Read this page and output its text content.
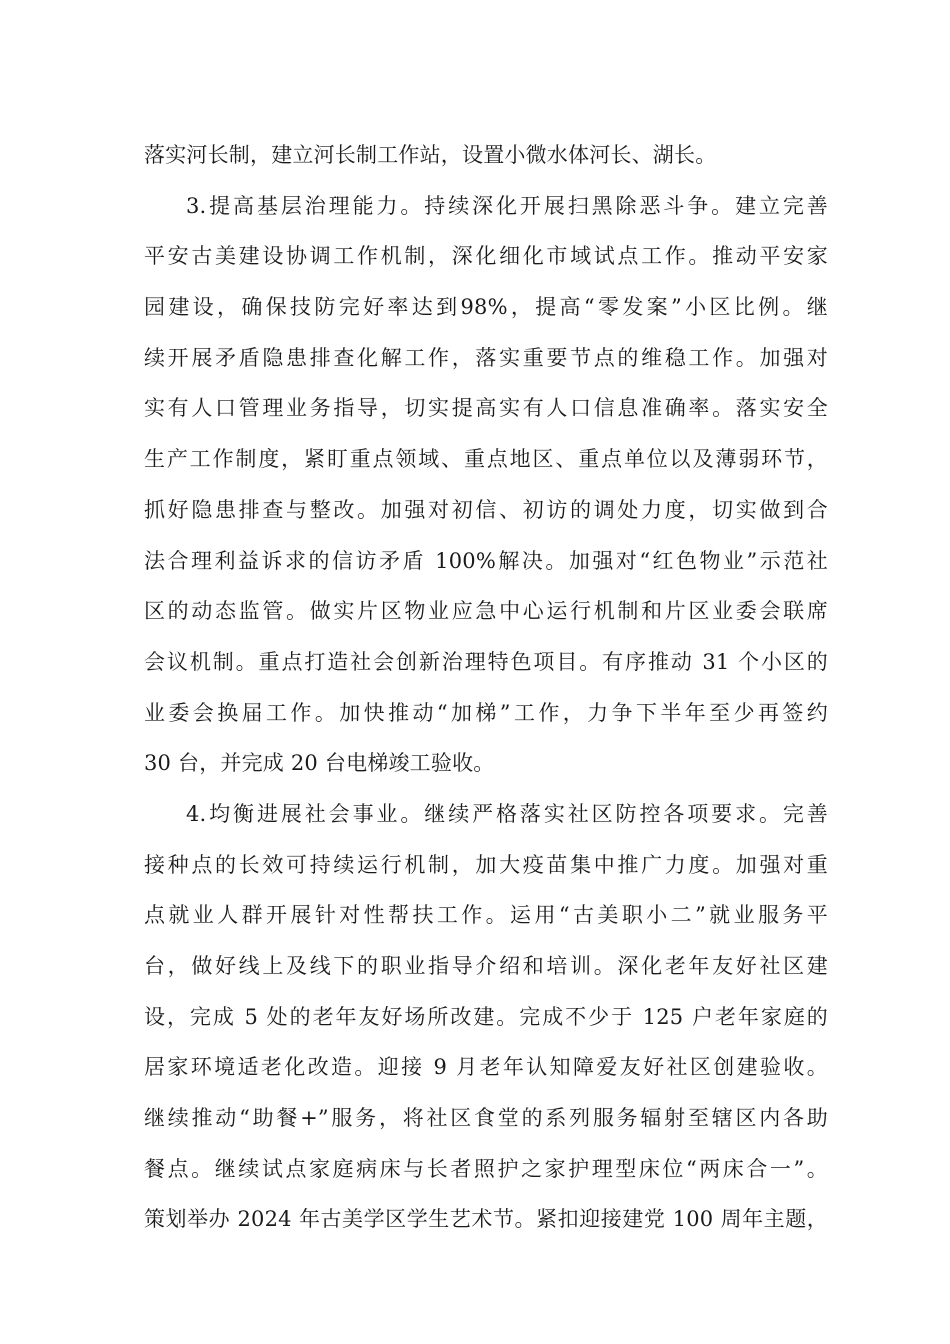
落实河长制，建立河长制工作站，设置小微水体河长、湖长。
3.提高基层治理能力。持续深化开展扫黑除恶斗争。建立完善
平安古美建设协调工作机制，深化细化市域试点工作。推动平安家
园建设，确保技防完好率达到98%，提高“零发案”小区比例。继
续开展矛盾隐患排查化解工作，落实重要节点的维稳工作。加强对
实有人口管理业务指导，切实提高实有人口信息准确率。落实安全
生产工作制度，紧盯重点领域、重点地区、重点单位以及薄弱环节，
抓好隐患排查与整改。加强对初信、初访的调处力度，切实做到合
法合理利益诉求的信访矛盾 100%解决。加强对“红色物业”示范社
区的动态监管。做实片区物业应急中心运行机制和片区业委会联席
会议机制。重点打造社会创新治理特色项目。有序推动 31 个小区的
业委会换届工作。加快推动“加梯”工作，力争下半年至少再签约
30 台，并完成 20 台电梯竣工验收。
4.均衡进展社会事业。继续严格落实社区防控各项要求。完善
接种点的长效可持续运行机制，加大疫苗集中推广力度。加强对重
点就业人群开展针对性帮扶工作。运用“古美职小二”就业服务平
台，做好线上及线下的职业指导介绍和培训。深化老年友好社区建
设，完成 5 处的老年友好场所改建。完成不少于 125 户老年家庭的
居家环境适老化改造。迎接 9 月老年认知障爱友好社区创建验收。
继续推动“助餐+”服务，将社区食堂的系列服务辐射至辖区内各助
餐点。继续试点家庭病床与长者照护之家护理型床位“两床合一”。
策划举办 2024 年古美学区学生艺术节。紧扣迎接建党 100 周年主题，
